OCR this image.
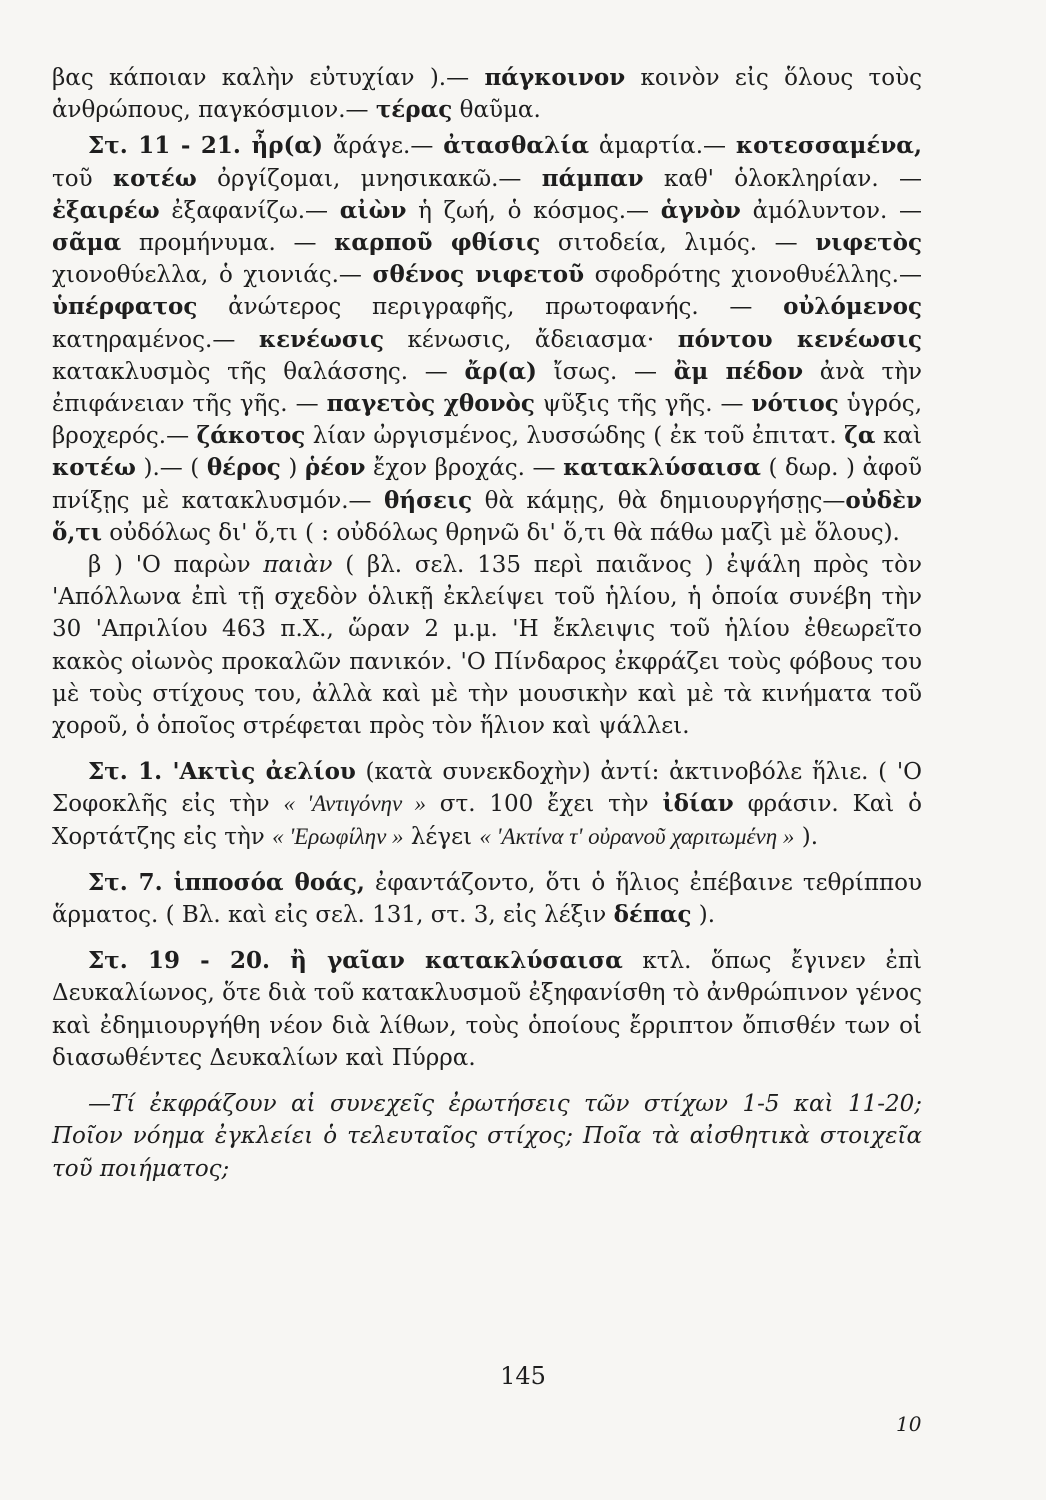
βας κάποιαν καλὴν εὐτυχίαν ).— πάγκοινον κοινὸν εἰς ὅλους τοὺς ἀνθρώπους, παγκόσμιον.— τέρας θαῦμα.

Στ. 11 - 21. ἦρ(α) ἄράγε.— ἀτασθαλία ἁμαρτία.— κοτεσσαμένα, τοῦ κοτέω ὀργίζομαι, μνησικακῶ.— πάμπαν καθ' ὁλοκληρίαν. — ἐξαιρέω ἐξαφανίζω.— αἰὼν ἡ ζωή, ὁ κόσμος.— ἁγνὸν ἀμόλυντον. — σᾶμα προμήνυμα. — καρποῦ φθίσις σιτοδεία, λιμός. — νιφετὸς χιονοθύελλα, ὁ χιονιάς.— σθένος νιφετοῦ σφοδρότης χιονοθυέλλης.— ὑπέρφατος ἀνώτερος περιγραφῆς, πρωτοφανής. — οὐλόμενος κατηραμένος.— κενέωσις κένωσις, ἄδειασμα· πόντου κενέωσις κατακλυσμὸς τῆς θαλάσσης. — ἄρ(α) ἴσως. — ἂμ πέδον ἀνὰ τὴν ἐπιφάνειαν τῆς γῆς. — παγετὸς χθονὸς ψῦξις τῆς γῆς. — νότιος ὑγρός, βροχερός.— ζάκοτος λίαν ὠργισμένος, λυσσώδης ( ἐκ τοῦ ἐπιτατ. ζα καὶ κοτέω ).— ( θέρος ) ῥέον ἔχον βροχάς. — κατακλύσαισα ( δωρ. ) ἀφοῦ πνίξῃς μὲ κατακλυσμόν.— θήσεις θὰ κάμῃς, θὰ δημιουργήσῃς—οὐδὲν ὅ,τι οὐδόλως δι' ὅ,τι ( : οὐδόλως θρηνῶ δι' ὅ,τι θὰ πάθω μαζὶ μὲ ὅλους).

β ) 'Ο παρὼν παιὰν ( βλ. σελ. 135 περὶ παιᾶνος ) ἐψάλη πρὸς τὸν 'Απόλλωνα ἐπὶ τῇ σχεδὸν ὁλικῇ ἐκλείψει τοῦ ἡλίου, ἡ ὁποία συνέβη τὴν 30 'Απριλίου 463 π.Χ., ὥραν 2 μ.μ. 'Η ἔκλειψις τοῦ ἡλίου ἐθεωρεῖτο κακὸς οἰωνὸς προκαλῶν πανικόν. 'Ο Πίνδαρος ἐκφράζει τοὺς φόβους του μὲ τοὺς στίχους του, ἀλλὰ καὶ μὲ τὴν μουσικὴν καὶ μὲ τὰ κινήματα τοῦ χοροῦ, ὁ ὁποῖος στρέφεται πρὸς τὸν ἥλιον καὶ ψάλλει.

Στ. 1. 'Ακτὶς ἀελίου (κατὰ συνεκδοχὴν) ἀντί: ἀκτινοβόλε ἥλιε. ( 'Ο Σοφοκλῆς εἰς τὴν « 'Αντιγόνην » στ. 100 ἔχει τὴν ἰδίαν φράσιν. Καὶ ὁ Χορτάτζης εἰς τὴν « 'Ερωφίλην » λέγει « 'Ακτίνα τ' οὐρανοῦ χαριτωμένη » ).

Στ. 7. ἱπποσόα θοάς, ἐφαντάζοντο, ὅτι ὁ ἥλιος ἐπέβαινε τεθρίππου ἅρματος. ( Βλ. καὶ εἰς σελ. 131, στ. 3, εἰς λέξιν δέπας ).

Στ. 19 - 20. ἢ γαῖαν κατακλύσαισα κτλ. ὅπως ἔγινεν ἐπὶ Δευκαλίωνος, ὅτε διὰ τοῦ κατακλυσμοῦ ἐξηφανίσθη τὸ ἀνθρώπινον γένος καὶ ἐδημιουργήθη νέον διὰ λίθων, τοὺς ὁποίους ἔρριπτον ὄπισθέν των οἱ διασωθέντες Δευκαλίων καὶ Πύρρα.

—Τί ἐκφράζουν αἱ συνεχεῖς ἐρωτήσεις τῶν στίχων 1-5 καὶ 11-20; Ποῖον νόημα ἐγκλείει ὁ τελευταῖος στίχος; Ποῖα τὰ αἰσθητικὰ στοιχεῖα τοῦ ποιήματος;

145
10
